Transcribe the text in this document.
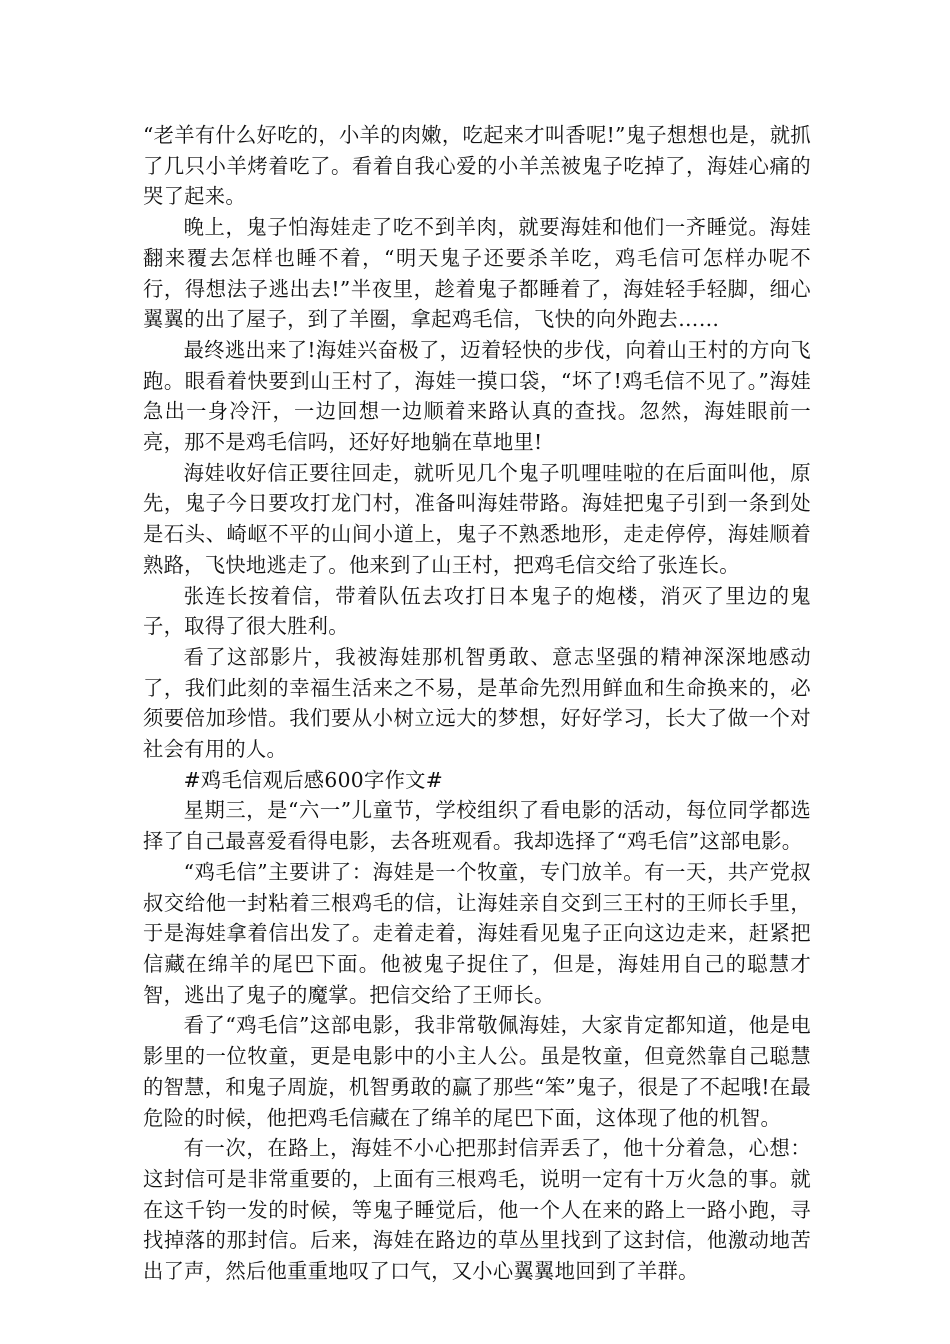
“老羊有什么好吃的，小羊的肉嫩，吃起来才叫香呢!”鬼子想想也是，就抓了几只小羊烤着吃了。看着自我心爱的小羊羔被鬼子吃掉了，海娃心痛的哭了起来。

晚上，鬼子怕海娃走了吃不到羊肉，就要海娃和他们一齐睡觉。海娃翻来覆去怎样也睡不着，“明天鬼子还要杀羊吃，鸡毛信可怎样办呢不行，得想法子逃出去!”半夜里，趁着鬼子都睡着了，海娃轻手轻脚，细心翼翼的出了屋子，到了羊圈，拿起鸡毛信，飞快的向外跑去……

最终逃出来了!海娃兴奋极了，迈着轻快的步伐，向着山王村的方向飞跑。眼看着快要到山王村了，海娃一摸口袋，“坏了!鸡毛信不见了。”海娃急出一身冷汗，一边回想一边顺着来路认真的查找。忽然，海娃眼前一亮，那不是鸡毛信吗，还好好地躺在草地里!

海娃收好信正要往回走，就听见几个鬼子叽哩哇啦的在后面叫他，原先，鬼子今日要攻打龙门村，准备叫海娃带路。海娃把鬼子引到一条到处是石头、崎岖不平的山间小道上，鬼子不熟悉地形，走走停停，海娃顺着熟路，飞快地逃走了。他来到了山王村，把鸡毛信交给了张连长。

张连长按着信，带着队伍去攻打日本鬼子的炮楼，消灭了里边的鬼子，取得了很大胜利。

看了这部影片，我被海娃那机智勇敢、意志坚强的精神深深地感动了，我们此刻的幸福生活来之不易，是革命先烈用鲜血和生命换来的，必须要倍加珍惜。我们要从小树立远大的梦想，好好学习，长大了做一个对社会有用的人。

#鸡毛信观后感600字作文#

星期三，是“六一”儿童节，学校组织了看电影的活动，每位同学都选择了自己最喜爱看得电影，去各班观看。我却选择了“鸡毛信”这部电影。

“鸡毛信”主要讲了：海娃是一个牧童，专门放羊。有一天，共产党叔叔交给他一封粘着三根鸡毛的信，让海娃亲自交到三王村的王师长手里，于是海娃拿着信出发了。走着走着，海娃看见鬼子正向这边走来，赶紧把信藏在绵羊的尾巴下面。他被鬼子捉住了，但是，海娃用自己的聪慧才智，逃出了鬼子的魔掌。把信交给了王师长。

看了“鸡毛信”这部电影，我非常敬佩海娃，大家肯定都知道，他是电影里的一位牧童，更是电影中的小主人公。虽是牧童，但竟然靠自己聪慧的智慧，和鬼子周旋，机智勇敢的赢了那些“笨”鬼子，很是了不起哦!在最危险的时候，他把鸡毛信藏在了绵羊的尾巴下面，这体现了他的机智。

有一次，在路上，海娃不小心把那封信弄丢了，他十分着急，心想：这封信可是非常重要的，上面有三根鸡毛，说明一定有十万火急的事。就在这千钧一发的时候，等鬼子睡觉后，他一个人在来的路上一路小跑，寻找掉落的那封信。后来，海娃在路边的草丛里找到了这封信，他激动地苦出了声，然后他重重地叹了口气，又小心翼翼地回到了羊群。
